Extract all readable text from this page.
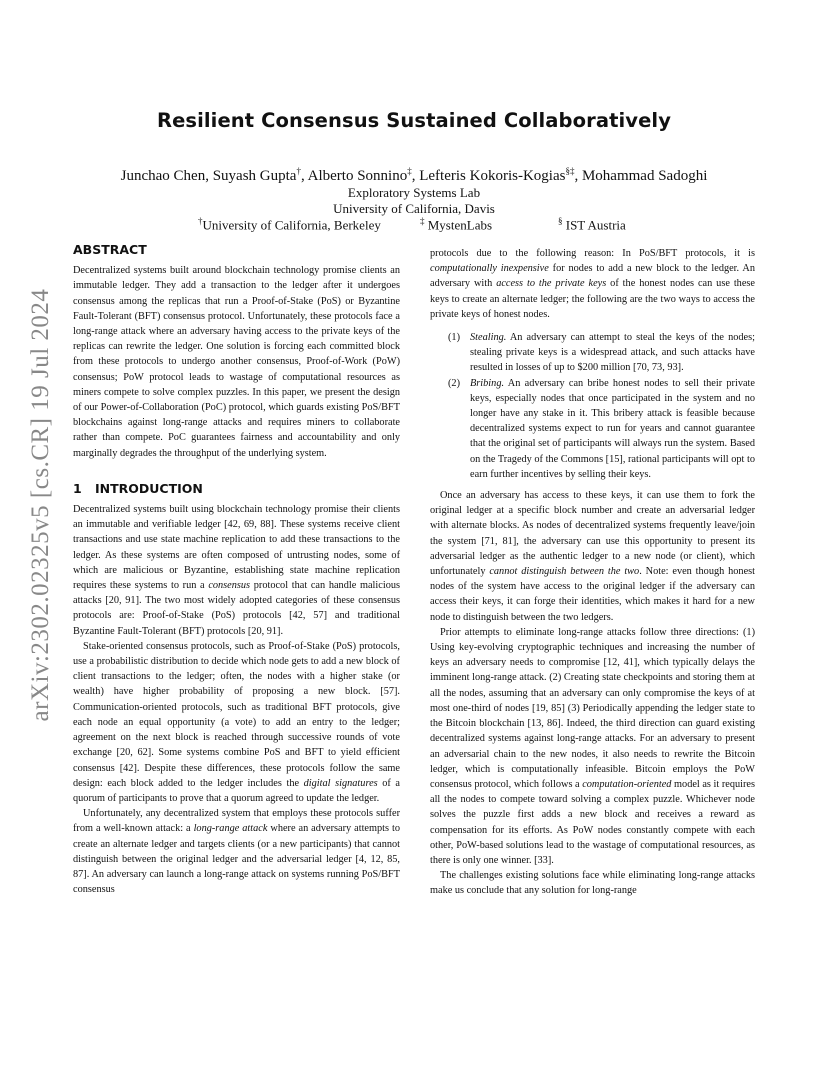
arXiv:2302.02325v5 [cs.CR] 19 Jul 2024
Resilient Consensus Sustained Collaboratively
Junchao Chen, Suyash Gupta†, Alberto Sonnino‡, Lefteris Kokoris-Kogias§‡, Mohammad Sadoghi
Exploratory Systems Lab
University of California, Davis
†University of California, Berkeley	‡ MystenLabs	§ IST Austria
ABSTRACT

Decentralized systems built around blockchain technology promise clients an immutable ledger. They add a transaction to the ledger after it undergoes consensus among the replicas that run a Proof-of-Stake (PoS) or Byzantine Fault-Tolerant (BFT) consensus protocol. Unfortunately, these protocols face a long-range attack where an adversary having access to the private keys of the replicas can rewrite the ledger. One solution is forcing each committed block from these protocols to undergo another consensus, Proof-of-Work (PoW) consensus; PoW protocol leads to wastage of computational resources as miners compete to solve complex puzzles. In this paper, we present the design of our Power-of-Collaboration (PoC) protocol, which guards existing PoS/BFT blockchains against long-range attacks and requires miners to collaborate rather than compete. PoC guarantees fairness and accountability and only marginally degrades the throughput of the underlying system.

1 INTRODUCTION

Decentralized systems built using blockchain technology promise their clients an immutable and verifiable ledger [42, 69, 88]. These systems receive client transactions and use state machine replication to add these transactions to the ledger. As these systems are often composed of untrusting nodes, some of which are malicious or Byzantine, establishing state machine replication requires these systems to run a consensus protocol that can handle malicious attacks [20, 91]. The two most widely adopted categories of these consensus protocols are: Proof-of-Stake (PoS) protocols [42, 57] and traditional Byzantine Fault-Tolerant (BFT) protocols [20, 91].

Stake-oriented consensus protocols, such as Proof-of-Stake (PoS) protocols, use a probabilistic distribution to decide which node gets to add a new block of client transactions to the ledger; often, the nodes with a higher stake (or wealth) have higher probability of proposing a new block. [57]. Communication-oriented protocols, such as traditional BFT protocols, give each node an equal opportunity (a vote) to add an entry to the ledger; agreement on the next block is reached through successive rounds of vote exchange [20, 62]. Some systems combine PoS and BFT to yield efficient consensus [42]. Despite these differences, these protocols follow the same design: each block added to the ledger includes the digital signatures of a quorum of participants to prove that a quorum agreed to update the ledger.

Unfortunately, any decentralized system that employs these protocols suffer from a well-known attack: a long-range attack where an adversary attempts to create an alternate ledger and targets clients (or a new participants) that cannot distinguish between the original ledger and the adversarial ledger [4, 12, 85, 87]. An adversary can launch a long-range attack on systems running PoS/BFT consensus

protocols due to the following reason: In PoS/BFT protocols, it is computationally inexpensive for nodes to add a new block to the ledger. An adversary with access to the private keys of the honest nodes can use these keys to create an alternate ledger; the following are the two ways to access the private keys of honest nodes.

(1) Stealing. An adversary can attempt to steal the keys of the nodes; stealing private keys is a widespread attack, and such attacks have resulted in losses of up to $200 million [70, 73, 93].
(2) Bribing. An adversary can bribe honest nodes to sell their private keys, especially nodes that once participated in the system and no longer have any stake in it. This bribery attack is feasible because decentralized systems expect to run for years and cannot guarantee that the original set of participants will always run the system. Based on the Tragedy of the Commons [15], rational participants will opt to earn further incentives by selling their keys.

Once an adversary has access to these keys, it can use them to fork the original ledger at a specific block number and create an adversarial ledger with alternate blocks. As nodes of decentralized systems frequently leave/join the system [71, 81], the adversary can use this opportunity to present its adversarial ledger as the authentic ledger to a new node (or client), which unfortunately cannot distinguish between the two. Note: even though honest nodes of the system have access to the original ledger if the adversary can access their keys, it can forge their identities, which makes it hard for a new node to distinguish between the two ledgers.

Prior attempts to eliminate long-range attacks follow three directions: (1) Using key-evolving cryptographic techniques and increasing the number of keys an adversary needs to compromise [12, 41], which typically delays the imminent long-range attack. (2) Creating state checkpoints and storing them at all the nodes, assuming that an adversary can only compromise the keys of at most one-third of nodes [19, 85] (3) Periodically appending the ledger state to the Bitcoin blockchain [13, 86]. Indeed, the third direction can guard existing decentralized systems against long-range attacks. For an adversary to present an adversarial chain to the new nodes, it also needs to rewrite the Bitcoin ledger, which is computationally infeasible. Bitcoin employs the PoW consensus protocol, which follows a computation-oriented model as it requires all the nodes to compete toward solving a complex puzzle. Whichever node solves the puzzle first adds a new block and receives a reward as compensation for its efforts. As PoW nodes constantly compete with each other, PoW-based solutions lead to the wastage of computational resources, as there is only one winner. [33].

The challenges existing solutions face while eliminating long-range attacks make us conclude that any solution for long-range
